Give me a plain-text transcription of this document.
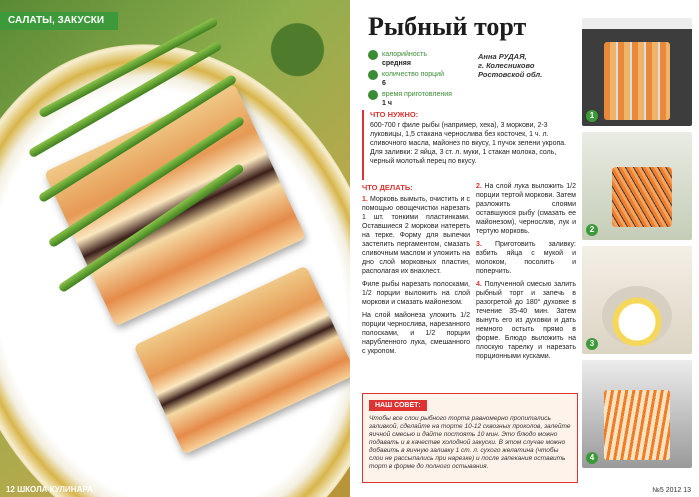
САЛАТЫ, ЗАКУСКИ
12 ШКОЛА КУЛИНАРА
Рыбный торт
калорийность
средняя
количество порций
6
время приготовления
1 ч
Анна РУДАЯ,
г. Колесниково
Ростовской обл.
ЧТО НУЖНО:
600-700 г филе рыбы (например, хека), 3 моркови, 2-3 луковицы, 1,5 стакана чернослива без косточек, 1 ч. л. сливочного масла, майонез по вкусу, 1 пучок зелени укропа. Для заливки: 2 яйца, 3 ст. л. муки, 1 стакан молока, соль, черный молотый перец по вкусу.
ЧТО ДЕЛАТЬ:

1. Морковь вымыть, очистить и с помощью овощечистки нарезать 1 шт. тонкими пластинками. Оставшиеся 2 моркови натереть на терке. Форму для выпечки застелить пергаментом, смазать сливочным маслом и уложить на дно слой морковных пластин, располагая их внахлест.

Филе рыбы нарезать полосками, 1/2 порции выложить на слой моркови и смазать майонезом.

На слой майонеза уложить 1/2 порции чернослива, нарезанного полосками, и 1/2 порции нарубленного лука, смешанного с укропом.

2. На слой лука выложить 1/2 порции тертой моркови. Затем разложить слоями оставшуюся рыбу (смазать ее майонезом), чернослив, лук и тертую морковь.

3. Приготовить заливку: взбить яйца с мукой и молоком, посолить и поперчить.

4. Полученной смесью залить рыбный торт и запечь в разогретой до 180° духовке в течение 35-40 мин. Затем вынуть его из духовки и дать немного остыть прямо в форме. Блюдо выложить на плоскую тарелку и нарезать порционными кусками.

НАШ СОВЕТ:
Чтобы все слои рыбного торта равномерно пропитались заливкой, сделайте на торте 10-12 сквозных проколов, залейте яичной смесью и дайте постоять 10 мин. Это блюдо можно подавать и в качестве холодной закуски. В этом случае можно добавить в яичную заливку 1 ст. л. сухого желатина (чтобы слои не рассыпались при нарезке) и после запекания оставить торт в форме до полного остывания.
1
2
3
4
№5 2012 13
